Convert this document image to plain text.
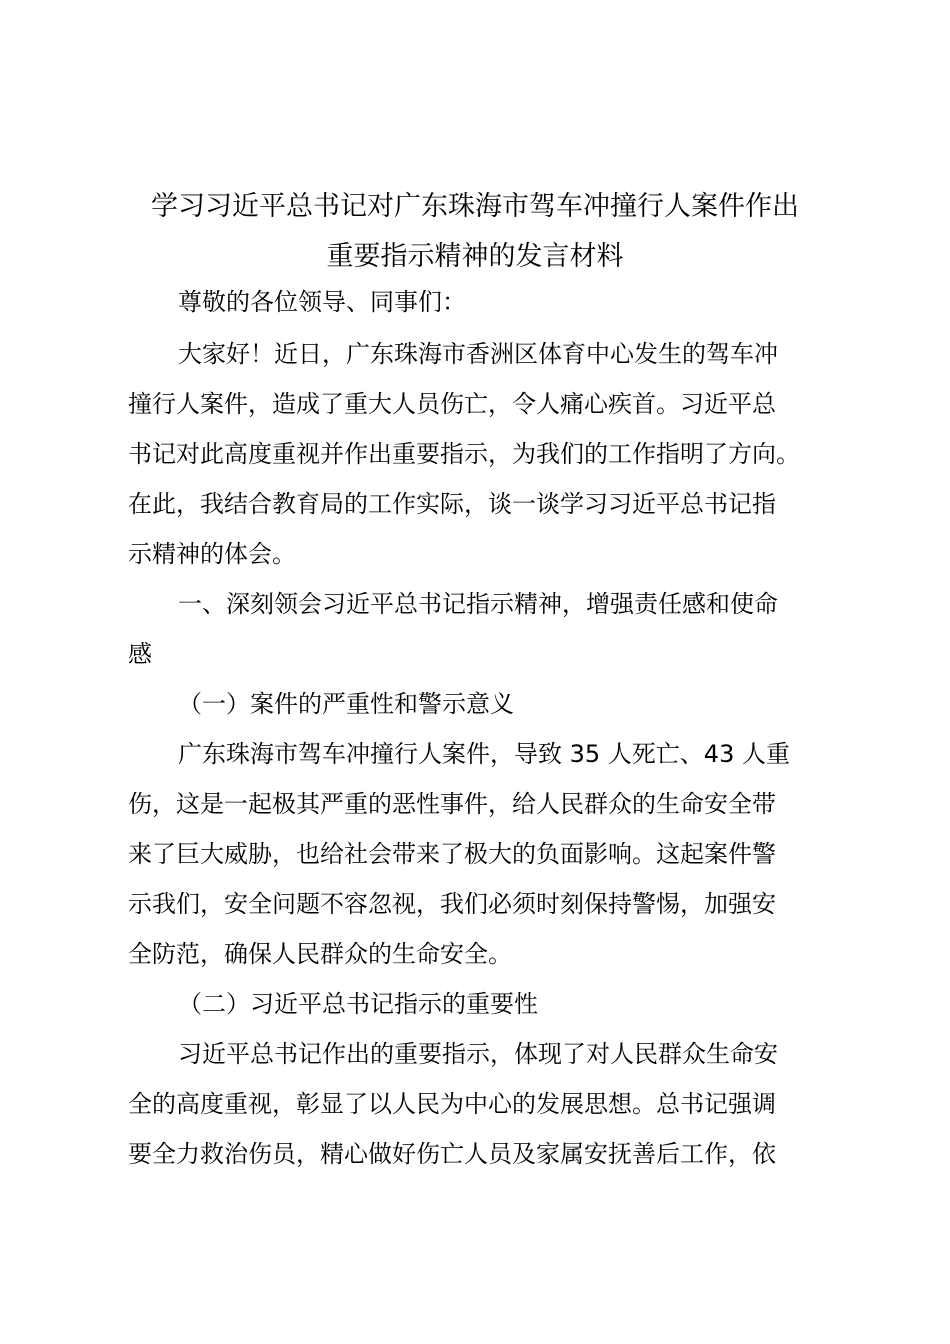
学习习近平总书记对广东珠海市驾车冲撞行人案件作出
重要指示精神的发言材料
尊敬的各位领导、同事们：
大家好！近日，广东珠海市香洲区体育中心发生的驾车冲
撞行人案件，造成了重大人员伤亡，令人痛心疾首。习近平总
书记对此高度重视并作出重要指示，为我们的工作指明了方向。
在此，我结合教育局的工作实际，谈一谈学习习近平总书记指
示精神的体会。
一、深刻领会习近平总书记指示精神，增强责任感和使命
感
（一）案件的严重性和警示意义
广东珠海市驾车冲撞行人案件，导致 35 人死亡、43 人重
伤，这是一起极其严重的恶性事件，给人民群众的生命安全带
来了巨大威胁，也给社会带来了极大的负面影响。这起案件警
示我们，安全问题不容忽视，我们必须时刻保持警惕，加强安
全防范，确保人民群众的生命安全。
（二）习近平总书记指示的重要性
习近平总书记作出的重要指示，体现了对人民群众生命安
全的高度重视，彰显了以人民为中心的发展思想。总书记强调
要全力救治伤员，精心做好伤亡人员及家属安抚善后工作，依
